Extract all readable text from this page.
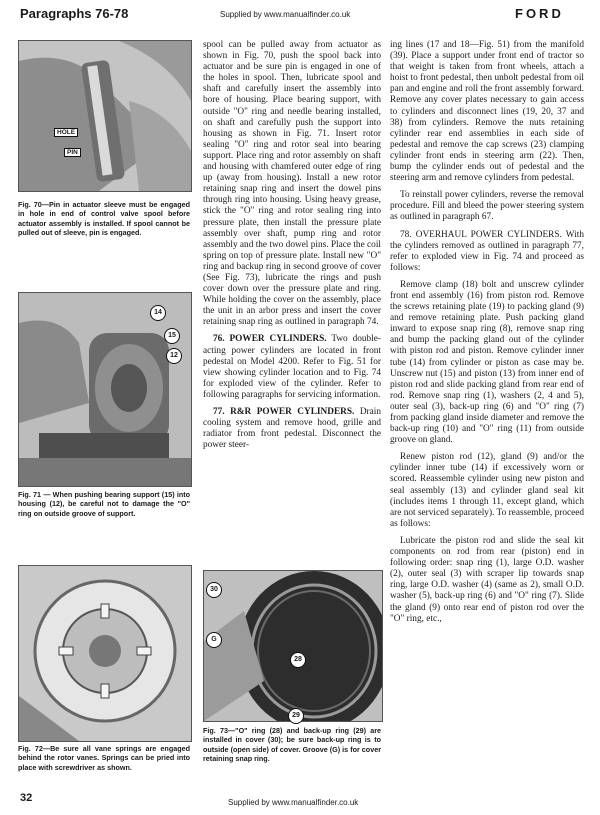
Paragraphs 76-78	Supplied by www.manualfinder.co.uk	FORD
HOLE
PIN
Fig. 70—Pin in actuator sleeve must be engaged in hole in end of control valve spool before actuator assembly is installed. If spool cannot be pulled out of sleeve, pin is engaged.
14
15
12
Fig. 71 — When pushing bearing support (15) into housing (12), be careful not to damage the "O" ring on outside groove of support.
Fig. 72—Be sure all vane springs are engaged behind the rotor vanes. Springs can be pried into place with screwdriver as shown.
30
G
28
29
Fig. 73—"O" ring (28) and back-up ring (29) are installed in cover (30); be sure back-up ring is to outside (open side) of cover. Groove (G) is for cover retaining snap ring.

spool can be pulled away from actuator as shown in Fig. 70, push the spool back into actuator and be sure pin is engaged in one of the holes in spool. Then, lubricate spool and shaft and carefully insert the assembly into bore of housing. Place bearing support, with outside "O" ring and needle bearing installed, on shaft and carefully push the support into housing as shown in Fig. 71. Insert rotor sealing "O" ring and rotor seal into bearing support. Place ring and rotor assembly on shaft and housing with chamfered outer edge of ring up (away from housing). Install a new rotor retaining snap ring and insert the dowel pins through ring into housing. Using heavy grease, stick the "O" ring and rotor sealing ring into pressure plate, then install the pressure plate assembly over shaft, pump ring and rotor assembly and the two dowel pins. Place the coil spring on top of pressure plate. Install new "O" ring and backup ring in second groove of cover (See Fig. 73), lubricate the rings and push cover down over the pressure plate and ring. While holding the cover on the assembly, place the unit in an arbor press and insert the cover retaining snap ring as outlined in paragraph 74.

76. POWER CYLINDERS. Two double-acting power cylinders are located in front pedestal on Model 4200. Refer to Fig. 51 for view showing cylinder location and to Fig. 74 for exploded view of the cylinder. Refer to following paragraphs for servicing information.

77. R&R POWER CYLINDERS. Drain cooling system and remove hood, grille and radiator from front pedestal. Disconnect the power steer-

ing lines (17 and 18—Fig. 51) from the manifold (39). Place a support under front end of tractor so that weight is taken from front wheels, attach a hoist to front pedestal, then unbolt pedestal from oil pan and engine and roll the front assembly forward. Remove any cover plates necessary to gain access to cylinders and disconnect lines (19, 20, 37 and 38) from cylinders. Remove the nuts retaining cylinder rear end assemblies in each side of pedestal and remove the cap screws (23) clamping cylinder front ends in steering arm (22). Then, bump the cylinder ends out of pedestal and the steering arm and remove cylinders from pedestal.

To reinstall power cylinders, reverse the removal procedure. Fill and bleed the power steering system as outlined in paragraph 67.

78. OVERHAUL POWER CYLINDERS. With the cylinders removed as outlined in paragraph 77, refer to exploded view in Fig. 74 and proceed as follows:

Remove clamp (18) bolt and unscrew cylinder front end assembly (16) from piston rod. Remove the screws retaining plate (19) to packing gland (9) and remove retaining plate. Push packing gland inward to expose snap ring (8), remove snap ring and bump the packing gland out of the cylinder with piston rod and piston. Remove cylinder inner tube (14) from cylinder or piston as case may be. Unscrew nut (15) and piston (13) from inner end of piston rod and slide packing gland from rear end of rod. Remove snap ring (1), washers (2, 4 and 5), outer seal (3), back-up ring (6) and "O" ring (7) from packing gland inside diameter and remove the back-up ring (10) and "O" ring (11) from outside groove on gland.

Renew piston rod (12), gland (9) and/or the cylinder inner tube (14) if excessively worn or scored. Reassemble cylinder using new piston and seal assembly (13) and cylinder gland seal kit (includes items 1 through 11, except gland, which are not serviced separately). To reassemble, proceed as follows:

Lubricate the piston rod and slide the seal kit components on rod from rear (piston) end in following order: snap ring (1), large O.D. washer (2), outer seal (3) with scraper lip towards snap ring, large O.D. washer (4) (same as 2), small O.D. washer (5), back-up ring (6) and "O" ring (7). Slide the gland (9) onto rear end of piston rod over the "O" ring, etc.,

32	Supplied by www.manualfinder.co.uk
